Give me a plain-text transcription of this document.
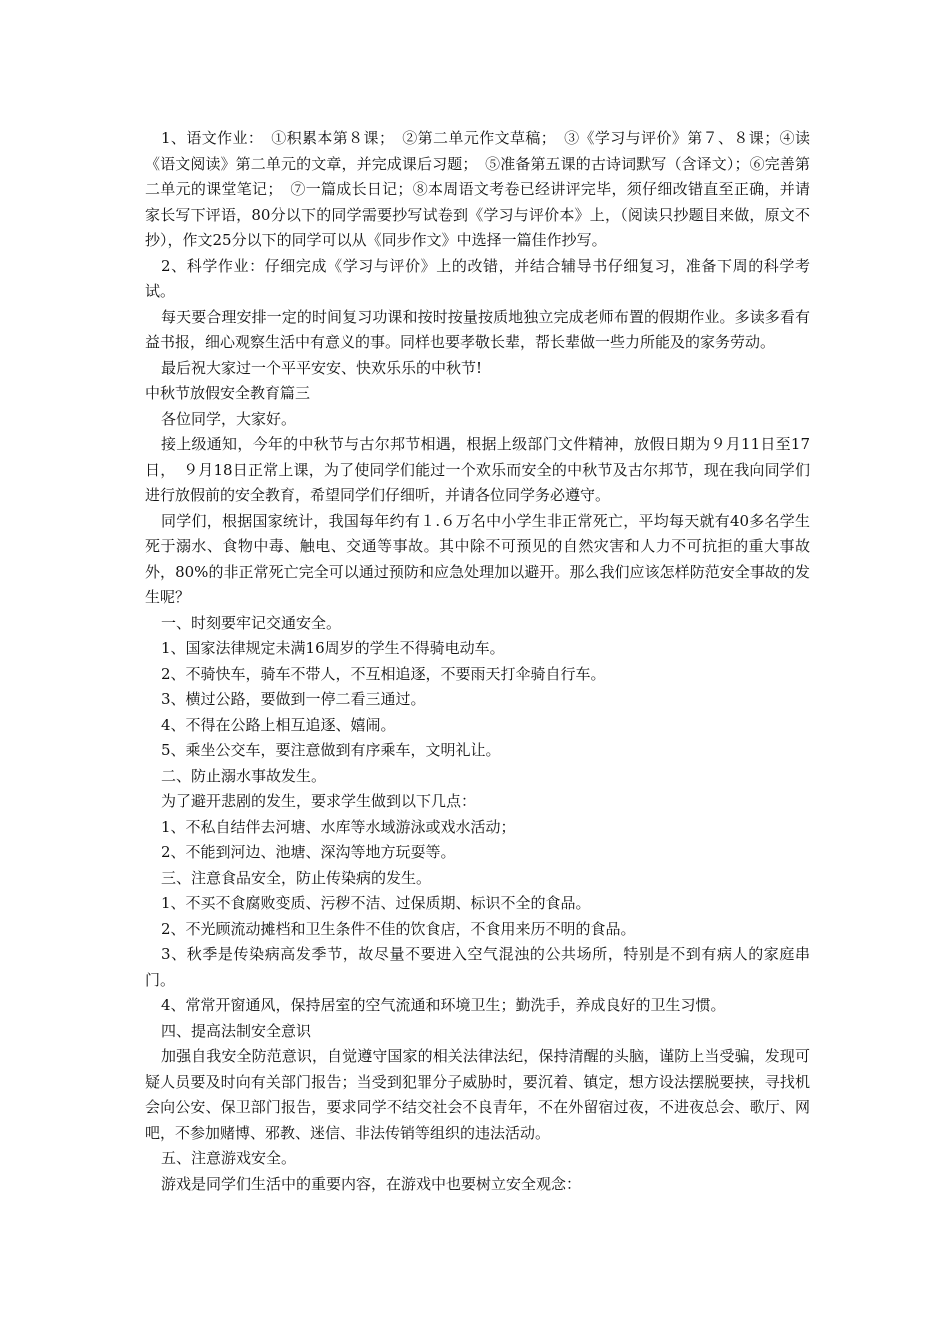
1、语文作业：　①积累本第８课；　②第二单元作文草稿；　③《学习与评价》第７、８课；④读《语文阅读》第二单元的文章，并完成课后习题；　⑤准备第五课的古诗词默写（含译文）；⑥完善第二单元的课堂笔记；　⑦一篇成长日记；⑧本周语文考卷已经讲评完毕，须仔细改错直至正确，并请家长写下评语，80分以下的同学需要抄写试卷到《学习与评价本》上，（阅读只抄题目来做，原文不抄），作文25分以下的同学可以从《同步作文》中选择一篇佳作抄写。

2、科学作业：仔细完成《学习与评价》上的改错，并结合辅导书仔细复习，准备下周的科学考试。

每天要合理安排一定的时间复习功课和按时按量按质地独立完成老师布置的假期作业。多读多看有益书报，细心观察生活中有意义的事。同样也要孝敬长辈，帮长辈做一些力所能及的家务劳动。

最后祝大家过一个平平安安、快欢乐乐的中秋节!

中秋节放假安全教育篇三

各位同学，大家好。

接上级通知，今年的中秋节与古尔邦节相遇，根据上级部门文件精神，放假日期为９月11日至17日，　９月18日正常上课，为了使同学们能过一个欢乐而安全的中秋节及古尔邦节，现在我向同学们进行放假前的安全教育，希望同学们仔细听，并请各位同学务必遵守。

同学们，根据国家统计，我国每年约有１.６万名中小学生非正常死亡，平均每天就有40多名学生死于溺水、食物中毒、触电、交通等事故。其中除不可预见的自然灾害和人力不可抗拒的重大事故外，80%的非正常死亡完全可以通过预防和应急处理加以避开。那么我们应该怎样防范安全事故的发生呢？

一、时刻要牢记交通安全。

1、国家法律规定未满16周岁的学生不得骑电动车。

2、不骑快车，骑车不带人，不互相追逐，不要雨天打伞骑自行车。

3、横过公路，要做到一停二看三通过。

4、不得在公路上相互追逐、嬉闹。

5、乘坐公交车，要注意做到有序乘车，文明礼让。

二、防止溺水事故发生。

为了避开悲剧的发生，要求学生做到以下几点：

1、不私自结伴去河塘、水库等水域游泳或戏水活动；

2、不能到河边、池塘、深沟等地方玩耍等。

三、注意食品安全，防止传染病的发生。

1、不买不食腐败变质、污秽不洁、过保质期、标识不全的食品。

2、不光顾流动摊档和卫生条件不佳的饮食店，不食用来历不明的食品。

3、秋季是传染病高发季节，故尽量不要进入空气混浊的公共场所，特别是不到有病人的家庭串门。

4、常常开窗通风，保持居室的空气流通和环境卫生；勤洗手，养成良好的卫生习惯。

四、提高法制安全意识

加强自我安全防范意识，自觉遵守国家的相关法律法纪，保持清醒的头脑，谨防上当受骗，发现可疑人员要及时向有关部门报告；当受到犯罪分子威胁时，要沉着、镇定，想方设法摆脱要挟，寻找机会向公安、保卫部门报告，要求同学不结交社会不良青年，不在外留宿过夜，不进夜总会、歌厅、网吧，不参加赌博、邪教、迷信、非法传销等组织的违法活动。

五、注意游戏安全。

游戏是同学们生活中的重要内容，在游戏中也要树立安全观念：
